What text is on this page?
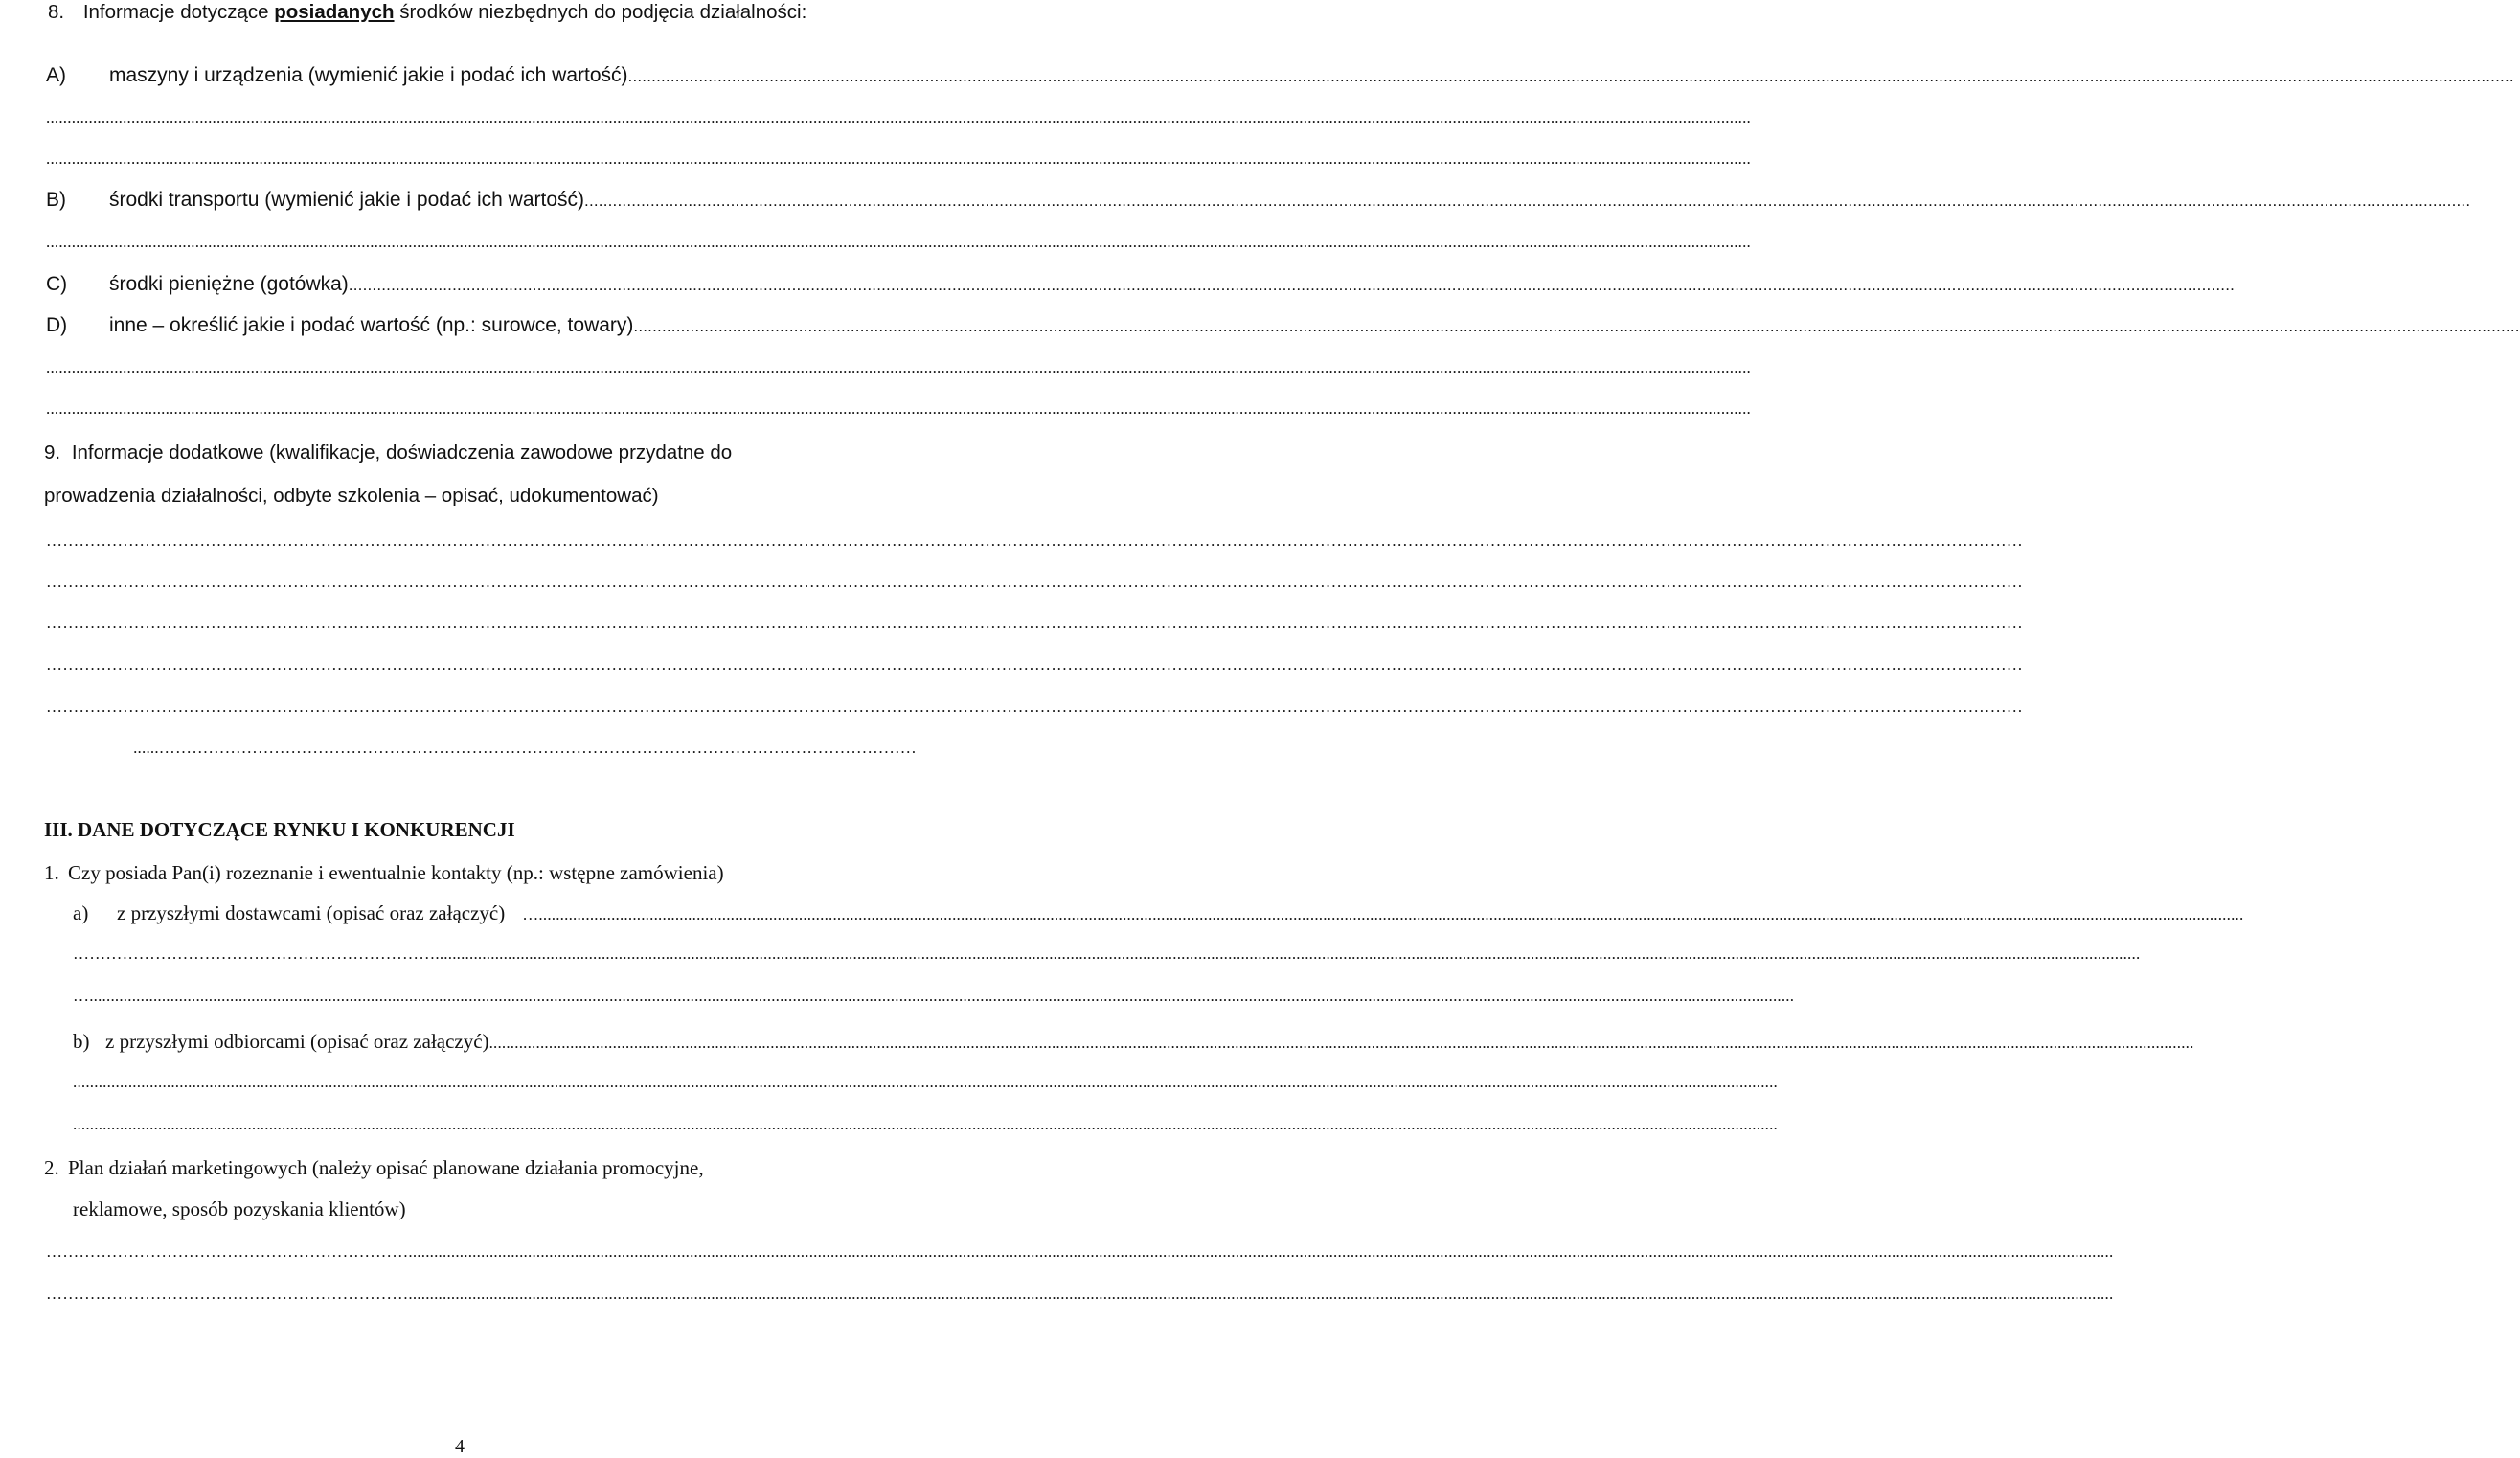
8. Informacje dotyczące posiadanych środków niezbędnych do podjęcia działalności:
A)	maszyny i urządzenia (wymienić jakie i podać ich wartość) ................................................................................................................................................................................................................................................................................................................................................................................................................
................................................................................................................................................................................................................................................................................................................................................................................................................
................................................................................................................................................................................................................................................................................................................................................................................................................
B)	środki transportu (wymienić jakie i podać ich wartość) ................................................................................................................................................................................................................................................................................................................................................................................................................
................................................................................................................................................................................................................................................................................................................................................................................................................
C)	środki pieniężne (gotówka) ................................................................................................................................................................................................................................................................................................................................................................................................................
D)	inne – określić jakie i podać wartość (np.: surowce, towary) ................................................................................................................................................................................................................................................................................................................................................................................................................
................................................................................................................................................................................................................................................................................................................................................................................................................
................................................................................................................................................................................................................................................................................................................................................................................................................
9. Informacje dodatkowe (kwalifikacje, doświadczenia zawodowe przydatne do
prowadzenia działalności, odbyte szkolenia – opisać, udokumentować)
………………………………………………………………………………………………………………………………………………………………………………………………………………………………………………………………………………………………………………………………
………………………………………………………………………………………………………………………………………………………………………………………………………………………………………………………………………………………………………………………………
………………………………………………………………………………………………………………………………………………………………………………………………………………………………………………………………………………………………………………………………
………………………………………………………………………………………………………………………………………………………………………………………………………………………………………………………………………………………………………………………………
………………………………………………………………………………………………………………………………………………………………………………………………………………………………………………………………………………………………………………………………
…………………………………………………………………………………………………………………………......
III. DANE DOTYCZĄCE RYNKU I KONKURENCJI
1. Czy posiada Pan(i) rozeznanie i ewentualnie kontakty (np.: wstępne zamówienia)
a)	z przyszłymi dostawcami (opisać oraz załączyć) …................................................................................................................................................................................................................................................................................................................................................................................................................
…………………………………………………………................................................................................................................................................................................................................................................................................................................................................................................................................
…................................................................................................................................................................................................................................................................................................................................................................................................................
b) z przyszłymi odbiorcami (opisać oraz załączyć) ................................................................................................................................................................................................................................................................................................................................................................................................................
................................................................................................................................................................................................................................................................................................................................................................................................................
................................................................................................................................................................................................................................................................................................................................................................................................................
2. Plan działań marketingowych (należy opisać planowane działania promocyjne,
reklamowe, sposób pozyskania klientów)
…………………………………………………………................................................................................................................................................................................................................................................................................................................................................................................................................
…………………………………………………………................................................................................................................................................................................................................................................................................................................................................................................................................
4
